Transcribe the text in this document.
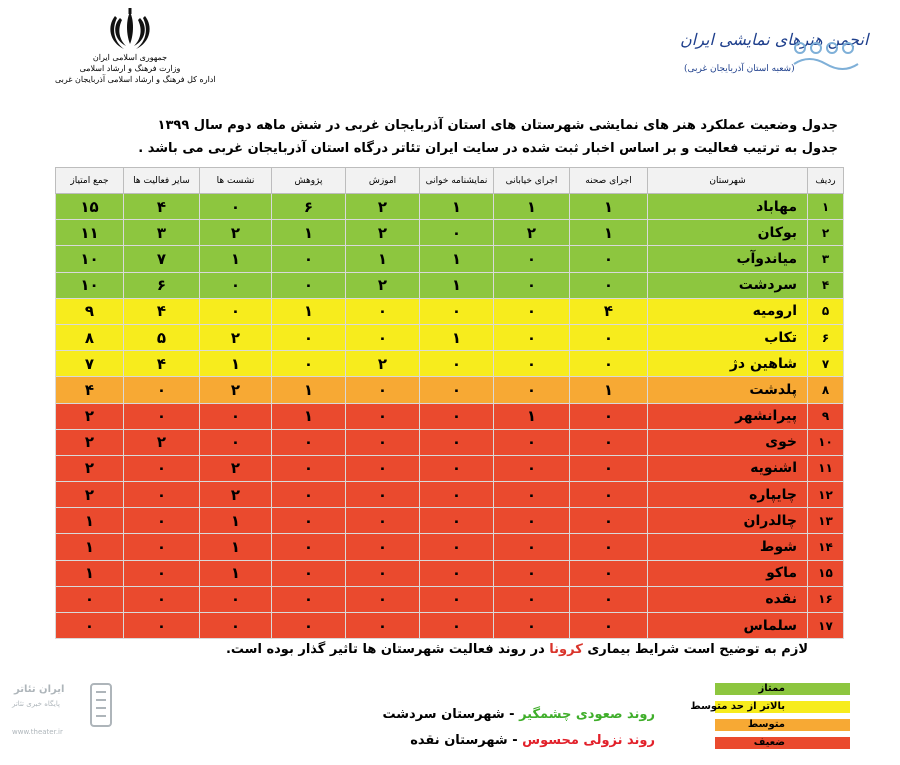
جمهوری اسلامی ایران
وزارت فرهنگ و ارشاد اسلامی
اداره کل فرهنگ و ارشاد اسلامی آذربایجان غربی
انجمن هنرهای نمایشی ایران
(شعبه استان آذربایجان غربی)
جدول وضعیت عملکرد هنر های نمایشی شهرستان های استان آذربایجان غربی در شش ماهه دوم سال ۱۳۹۹
جدول به ترتیب فعالیت و بر اساس اخبار ثبت شده در سایت ایران تئاتر درگاه استان آذربایجان غربی می باشد .
ردیف	شهرستان	اجرای صحنه	اجرای خیابانی	نمایشنامه خوانی	اموزش	پژوهش	نشست ها	سایر فعالیت ها	جمع امتیاز
۱	مهاباد	۱	۱	۱	۲	۶	۰	۴	۱۵
۲	بوکان	۱	۲	۰	۲	۱	۲	۳	۱۱
۳	میاندوآب	۰	۰	۱	۱	۰	۱	۷	۱۰
۴	سردشت	۰	۰	۱	۲	۰	۰	۶	۱۰
۵	ارومیه	۴	۰	۰	۰	۱	۰	۴	۹
۶	تکاب	۰	۰	۱	۰	۰	۲	۵	۸
۷	شاهین دژ	۰	۰	۰	۲	۰	۱	۴	۷
۸	پلدشت	۱	۰	۰	۰	۱	۲	۰	۴
۹	پیرانشهر	۰	۱	۰	۰	۱	۰	۰	۲
۱۰	خوی	۰	۰	۰	۰	۰	۰	۲	۲
۱۱	اشنویه	۰	۰	۰	۰	۰	۲	۰	۲
۱۲	چایپاره	۰	۰	۰	۰	۰	۲	۰	۲
۱۳	چالدران	۰	۰	۰	۰	۰	۱	۰	۱
۱۴	شوط	۰	۰	۰	۰	۰	۱	۰	۱
۱۵	ماکو	۰	۰	۰	۰	۰	۱	۰	۱
۱۶	نقده	۰	۰	۰	۰	۰	۰	۰	۰
۱۷	سلماس	۰	۰	۰	۰	۰	۰	۰	۰
لازم به توضیح است شرایط بیماری کرونا در روند فعالیت شهرستان ها تاثیر گذار بوده است.
ممتاز
بالاتر از حد متوسط
متوسط
ضعیف
روند صعودی چشمگیر - شهرستان سردشت
روند نزولی محسوس - شهرستان نقده
ایران تئاتر
پایگاه خبری تئاتر
www.theater.ir
